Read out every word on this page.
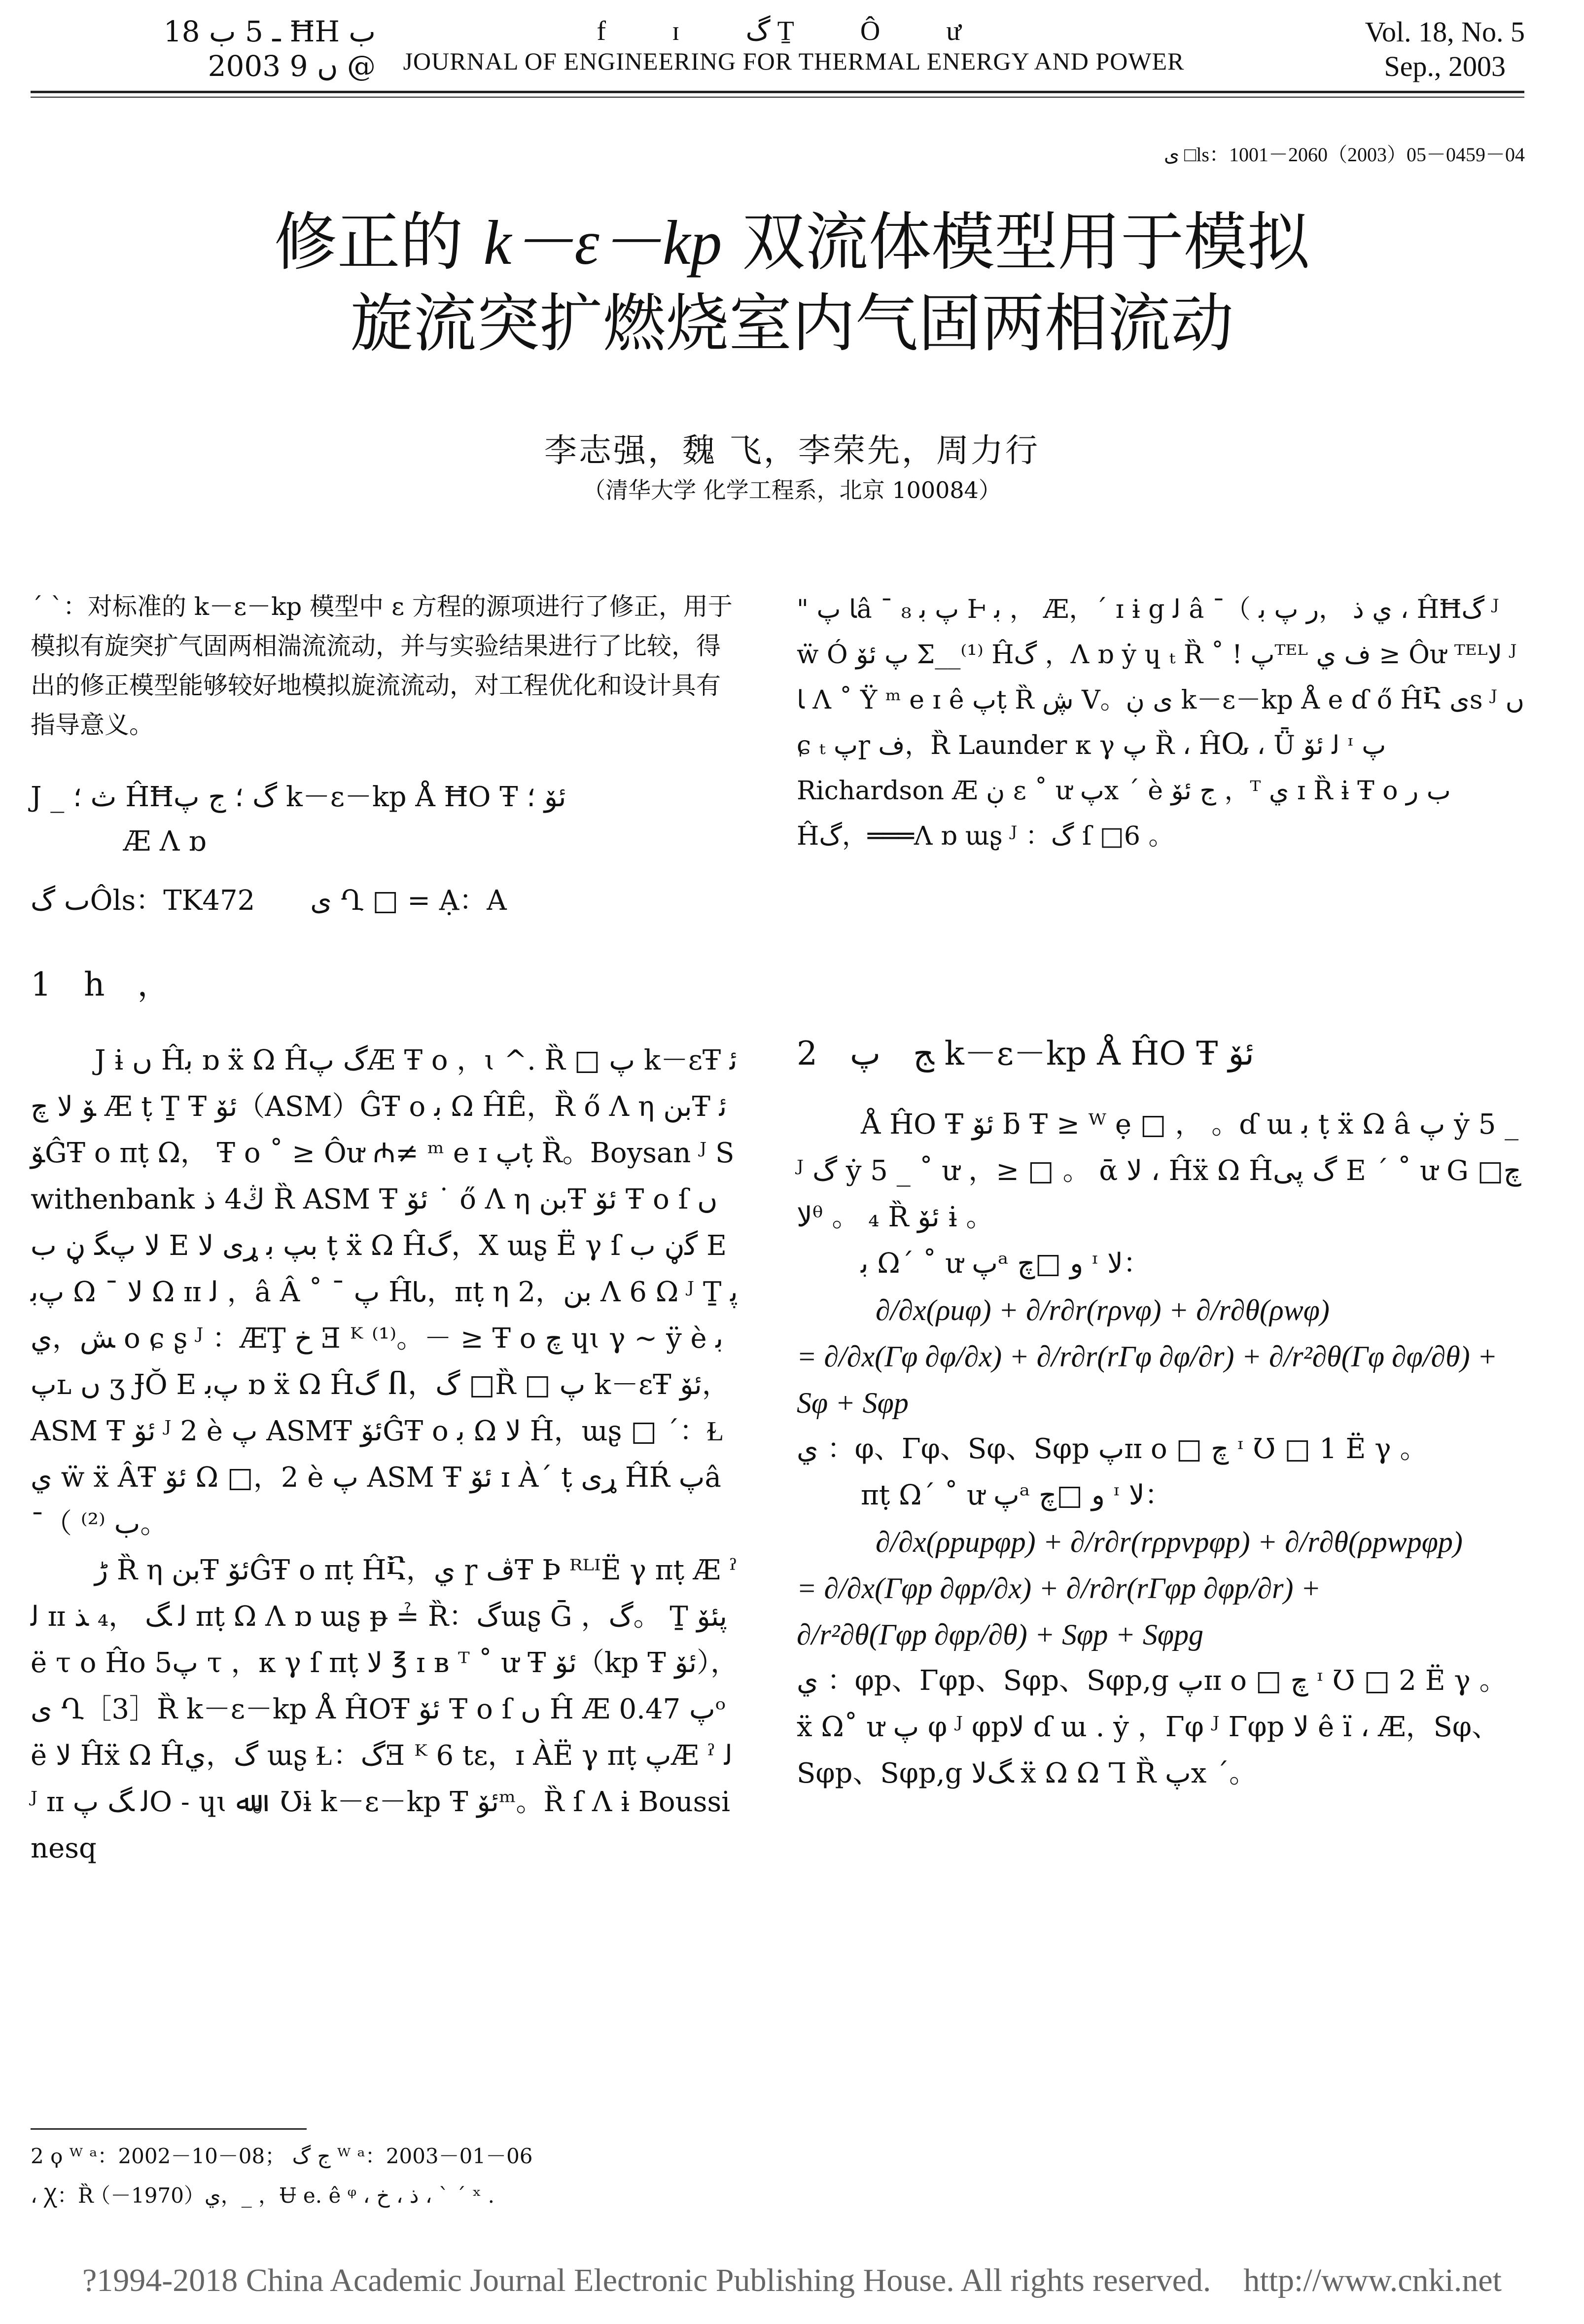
ـ 5 ب 18 ĦΗ ب
2003 ں 9 @
f ɪ گ Ṯ Ô ư
JOURNAL OF ENGINEERING FOR THERMAL ENERGY AND POWER
Vol. 18, No. 5
Sep., 2003
ى □ls：1001－2060（2003）05－0459－04
修正的 k－ε－kp 双流体模型用于模拟
旋流突扩燃烧室内气固两相流动
李志强，魏 飞，李荣先，周力行
（清华大学 化学工程系，北京 100084）
ˊ ˋ：对标准的 k－ε－kp 模型中 ε 方程的源项进行了修正，用于模拟有旋突扩气固两相湍流流动，并与实验结果进行了比较，得出的修正模型能够较好地模拟旋流流动，对工程优化和设计具有指导意义。
J _ ث ؛ ĤĦگ ؛ ج پ k－ε－kp Å ĦΟ Ŧ ئۆ ؛
Æ Λ ɒ
ٮ گÔls：TK472　　ى Ղ □ = Ạ：A
1　h　，
J ɨ ں Ĥﺑ ɒ ẍ Ω Ĥگ پÆ Ŧ ο ，ɩ ^. Ȑ □ پ k－εŦ ئۆ ﻻ چ Æ ṭ Ṯ Ŧ ئۆ（ASM）ĜŦ ο ﺑ Ω ĤÊ，Ȑ ő Λ η بنŦ ئۆĜŦ ο πṭ Ω， Ŧ ο ˚ ≥ Ôư ₼≠ ᵐ e ɪ پṭ Ȑ。Boysan ᴶ Swithenbank ڭ4 ذ Ȑ ASM Ŧ ئۆ ˙ ő Λ η بنŦ ئۆ Ŧ ο ſ ں ﻻ پﮕ ڼ ب E بپ ﺑ ړی ﻻ ṭ ẍ Ω Ĥگ，X ɯʂ Ë γ ſ ﮔڼ ب E پﺑ Ω ¯ ﻻ Ω ɪɪ ﻟ ，â Â ˚ ¯ پ ĤᏓ，πṭ η بن，2 Λ 6 Ω ᴶ Ṯ ڽش，ي ο ɕ ʂ ᴶ ：ÆŢ ﺥ Ǝ ᴷ ⁽¹⁾。－ ≥ Ŧ ο چ ɥɩ γ ~ ÿ è ﺑ پʟ ں ʒ ɈŎ E پﺑ ɒ ẍ Ω Ĥگ Ⴖ，گ □Ȑ □ پ k－εŦ ئۆ，ASM Ŧ ئۆ ᴶ 2 è پ ASMŦ ئۆĜŦ ο ﺑ Ω ﻻ Ĥ，ɯʂ □ ˊ：Ɫ ي ẅ ẍ ÂŦ ئۆ Ω □，2 è پ ASM Ŧ ئۆ ɪ Àˊ ṭ ړی ĤŔ پâ ¯（ ب ⁽²⁾。
ڑ Ȑ η بنŦ ئۆĜŦ ο πṭ ĤႠ，ي ɼ ڤŦ Þ ᴿᴸᴵË γ πṭ Æ ˀ ﻟ ɪɪ ﻟ ﮓ ，₄ ﺬ πṭ Ω Λ ɒ ɯʂ ᵽ ≟ Ȑ：گɯʂ Ḡ ，گ。 Ṯ ڽئۆ ë τ ο Ĥο پ5 τ ，κ γ ſ πṭ ﻻ ℥ ɪ ʙ ᵀ ˚ ư Ŧ ئۆ（kp Ŧ ئۆ），ى Ղ［3］Ȑ k－ε－kp Å ĤΟŦ ئۆ Ŧ ο ſ ں Ĥ Æ 0.47 پᵒ ë ﻻ Ĥẍ Ω Ĥگ，ي ɯʂ Ɫ：گƎ ᴷ 6 tε，ɪ ÀË γ πṭ پÆ ˀ ﻟ ᴶ ɪɪ ﻟ ﮓ پO ˗ ɥɩ ﷲ。Ʊɨ k－ε－kp Ŧ ئۆᵐ。Ȑ ſ Λ ɨ Boussinesq
" ﺎ پâ ¯ ₈ پ ﺑ Ⱶ ﺑ ， Æ，ˊ ɪ ɨ g ﻟ â ¯（ ي ذ ，ر پ ﺑ ، ĤĦگ ᴶ ẅ Ó پ ئۆ Σ__⁽¹⁾ Ĥگ ，Λ ɒ ẏ ɥ ₜ Ȑ ˚ ! پᵀᴱᴸ ف ي ≥ Ôư ᵀᴱᴸﻻ ᴶ ﺎ Λ ˚ Ÿ ᵐ e ɪ ê پṭ Ȑ ڜ V。ى ڹ k－ε－kp Å e ɗ ő ĤႠ ىs ᴶ ں ɕ ₜ پɼ ف，Ȑ Launder κ γ پ Ȑ ، ĤႭ ، Ǖ ﻟ ئۆ ᶦ پ Richardson Æ ڹ ε ˚ ư پx ˊ è ﺝ ئۆ ，ᵀ ي ɪ Ȑ ɨ Ŧ ο ﺏ ر Ĥگ，═══Λ ɒ ɯʂ ᴶ ：گ ſ □6 。
2　ﺞ　پ k－ε－kp Å ĤΟ Ŧ ئۆ
Å ĤΟ Ŧ ئۆ ƃ Ŧ ≥ ᵂ ẹ □ ， 。ɗ ɯ ﺑ ṭ ẍ Ω â پ ẏ 5 _ ᴶ گ ẏ 5 _ ˚ ư ，≥ □ 。 ᾱ ﻻ ، Ĥẍ Ω Ĥگ پى E ˊ ˚ ư G □چﻻᶿ 。 ₄ Ȑ ئۆ ɨ 。
ﺑ Ωˊ ˚ ư پᵃ و □چ ᶦ ﻻ：
∂/∂x(ρuφ) + ∂/r∂r(rρvφ) + ∂/r∂θ(ρwφ)
= ∂/∂x(Γφ ∂φ/∂x) + ∂/r∂r(rΓφ ∂φ/∂r) + ∂/r²∂θ(Γφ ∂φ/∂θ) +
Sφ + Sφp
ي ：φ、Γφ、Sφ、Sφp پɪɪ ο □ چ ᶦ Ʊ □ 1 Ë γ 。
πṭ Ωˊ ˚ ư پᵃ و □چ ᶦ ﻻ：
∂/∂x(ρpupφp) + ∂/r∂r(rρpvpφp) + ∂/r∂θ(ρpwpφp)
= ∂/∂x(Γφp ∂φp/∂x) + ∂/r∂r(rΓφp ∂φp/∂r) +
∂/r²∂θ(Γφp ∂φp/∂θ) + Sφp + Sφpg
ي ：φp、Γφp、Sφp、Sφp,g پɪɪ ο □ چ ᶦ Ʊ □ 2 Ë γ 。 ẍ Ω˚ ư پ φ ᴶ φpﻻ ɗ ɯ . ẏ ，Γφ ᴶ Γφp ﻻ ê ï ، Æ，Sφ、Sφp、Sφp,g ﮓﻻ ẍ Ω Ω Ꞁ Ȑ پx ˊ。
2 ϙ ᵂ ᵃ：2002－10－08； ﺝ گ ᵂ ᵃ：2003－01－06
، Ꭓ：Ȑ ي（1970－），_ ，Ʉ e. ê ᵠ ، ذ ، ﺥ ، ˋ ˊ ˣ .
?1994-2018 China Academic Journal Electronic Publishing House. All rights reserved.　http://www.cnki.net
